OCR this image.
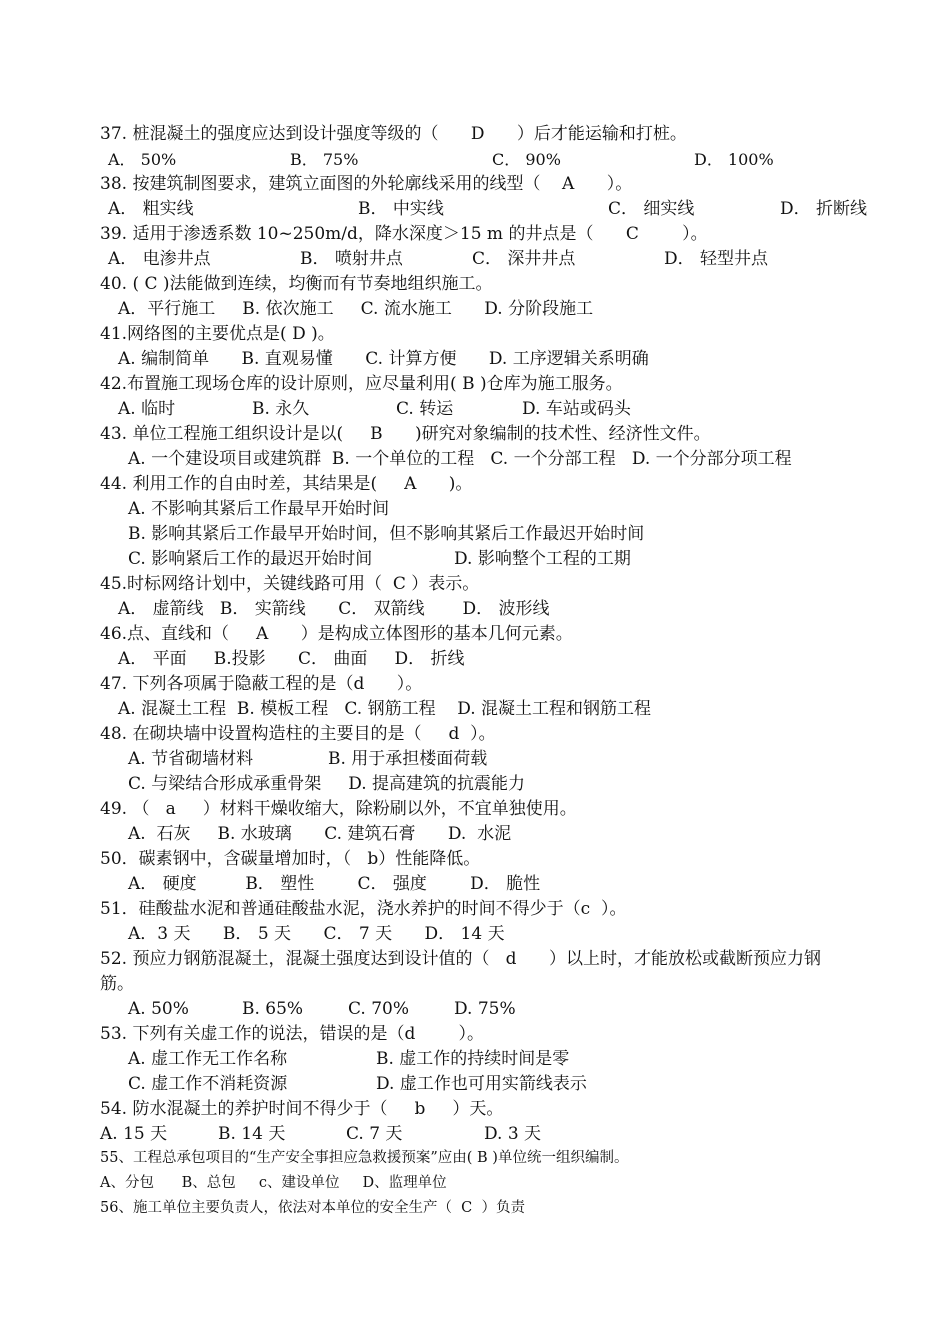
37. 桩混凝土的强度应达到设计强度等级的（      D      ）后才能运输和打桩。
A． 50%	B． 75%	C． 90%	D． 100%
38. 按建筑制图要求，建筑立面图的外轮廓线采用的线型（    A      ）。
A． 粗实线	B． 中实线	C． 细实线	D． 折断线
39. 适用于渗透系数 10~250m/d，降水深度＞15 m 的井点是（      C        ）。
A． 电渗井点	B． 喷射井点	C． 深井井点	D． 轻型井点
40. ( C )法能做到连续，均衡而有节奏地组织施工。
A．平行施工     B. 依次施工     C. 流水施工      D. 分阶段施工
41.网络图的主要优点是( D )。
A. 编制简单      B. 直观易懂      C. 计算方便      D. 工序逻辑关系明确
42.布置施工现场仓库的设计原则，应尽量利用( B )仓库为施工服务。
A. 临时	B. 永久	C. 转运	D. 车站或码头
43. 单位工程施工组织设计是以(     B      )研究对象编制的技术性、经济性文件。
A. 一个建设项目或建筑群  B. 一个单位的工程   C. 一个分部工程   D. 一个分部分项工程
44. 利用工作的自由时差，其结果是(     A      )。
A. 不影响其紧后工作最早开始时间
B. 影响其紧后工作最早开始时间，但不影响其紧后工作最迟开始时间
C. 影响紧后工作的最迟开始时间	D. 影响整个工程的工期
45.时标网络计划中，关键线路可用（  C ）表示。
A． 虚箭线   B． 实箭线      C． 双箭线       D． 波形线
46.点、直线和（     A      ）是构成立体图形的基本几何元素。
A． 平面     B.投影      C． 曲面     D． 折线
47. 下列各项属于隐蔽工程的是（d      ）。
A. 混凝土工程  B. 模板工程   C. 钢筋工程    D. 混凝土工程和钢筋工程
48. 在砌块墙中设置构造柱的主要目的是（     d  ）。
A. 节省砌墙材料	B. 用于承担楼面荷载
C. 与梁结合形成承重骨架     D. 提高建筑的抗震能力
49. （   a     ）材料干燥收缩大，除粉刷以外，不宜单独使用。
A.  石灰     B. 水玻璃      C. 建筑石膏      D.  水泥
50．碳素钢中，含碳量增加时，（   b）性能降低。
A． 硬度         B． 塑性        C． 强度        D． 脆性
51．硅酸盐水泥和普通硅酸盐水泥，浇水养护的时间不得少于（c  ）。
A．3 天      B． 5 天      C． 7 天      D． 14 天
52. 预应力钢筋混凝土，混凝土强度达到设计值的（   d      ）以上时，才能放松或截断预应力钢
筋。
A. 50%	B. 65%	C. 70%	D. 75%
53. 下列有关虚工作的说法，错误的是（d        ）。
A. 虚工作无工作名称	B. 虚工作的持续时间是零
C. 虚工作不消耗资源	D. 虚工作也可用实箭线表示
54. 防水混凝土的养护时间不得少于（     b     ）天。
A. 15 天	B. 14 天	C. 7 天	D. 3 天
55、工程总承包项目的“生产安全事担应急救援预案”应由( B )单位统一组织编制。
A、分包      B、总包     c、建设单位     D、监理单位
56、施工单位主要负责人，依法对本单位的安全生产（  C  ）负责
